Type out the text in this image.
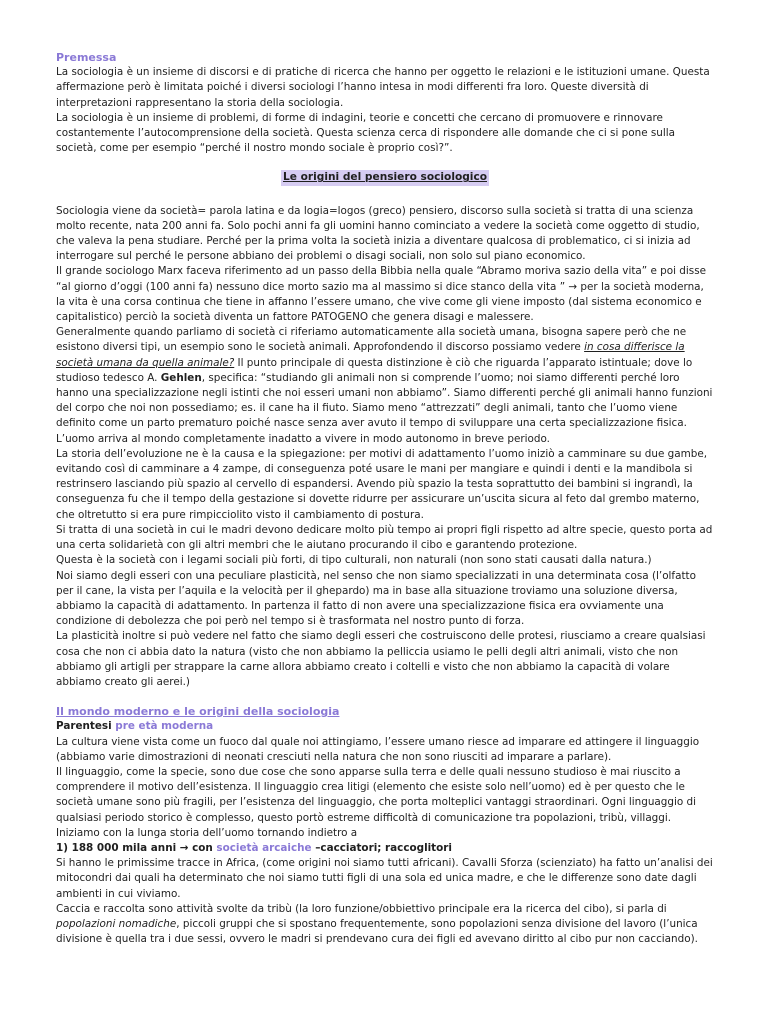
Premessa

La sociologia è un insieme di discorsi e di pratiche di ricerca che hanno per oggetto le relazioni e le istituzioni umane. Questa affermazione però è limitata poiché i diversi sociologi l’hanno intesa in modi differenti fra loro. Queste diversità di interpretazioni rappresentano la storia della sociologia.

La sociologia è un insieme di problemi, di forme di indagini, teorie e concetti che cercano di promuovere e rinnovare costantemente l’autocomprensione della società. Questa scienza cerca di rispondere alle domande che ci si pone sulla società, come per esempio “perché il nostro mondo sociale è proprio così?”.

Le origini del pensiero sociologico

Sociologia viene da società= parola latina e da logia=logos (greco) pensiero, discorso sulla società si tratta di una scienza molto recente, nata 200 anni fa. Solo pochi anni fa gli uomini hanno cominciato a vedere la società come oggetto di studio, che valeva la pena studiare. Perché per la prima volta la società inizia a diventare qualcosa di problematico, ci si inizia ad interrogare sul perché le persone abbiano dei problemi o disagi sociali, non solo sul piano economico.

Il grande sociologo Marx faceva riferimento ad un passo della Bibbia nella quale “Abramo moriva sazio della vita” e poi disse “al giorno d’oggi (100 anni fa) nessuno dice morto sazio ma al massimo si dice stanco della vita ” → per la società moderna, la vita è una corsa continua che tiene in affanno l’essere umano, che vive come gli viene imposto (dal sistema economico e capitalistico) perciò la società diventa un fattore PATOGENO che genera disagi e malessere.

Generalmente quando parliamo di società ci riferiamo automaticamente alla società umana, bisogna sapere però che ne esistono diversi tipi, un esempio sono le società animali. Approfondendo il discorso possiamo vedere in cosa differisce la società umana da quella animale? Il punto principale di questa distinzione è ciò che riguarda l’apparato istintuale; dove lo studioso tedesco A. Gehlen, specifica: “studiando gli animali non si comprende l’uomo; noi siamo differenti perché loro hanno una specializzazione negli istinti che noi esseri umani non abbiamo”. Siamo differenti perché gli animali hanno funzioni del corpo che noi non possediamo; es. il cane ha il fiuto. Siamo meno “attrezzati” degli animali, tanto che l’uomo viene definito come un parto prematuro poiché nasce senza aver avuto il tempo di sviluppare una certa specializzazione fisica. L’uomo arriva al mondo completamente inadatto a vivere in modo autonomo in breve periodo.

La storia dell’evoluzione ne è la causa e la spiegazione: per motivi di adattamento l’uomo iniziò a camminare su due gambe, evitando così di camminare a 4 zampe, di conseguenza poté usare le mani per mangiare e quindi i denti e la mandibola si restrinsero lasciando più spazio al cervello di espandersi. Avendo più spazio la testa soprattutto dei bambini si ingrandì, la conseguenza fu che il tempo della gestazione si dovette ridurre per assicurare un’uscita sicura al feto dal grembo materno, che oltretutto si era pure rimpicciolito visto il cambiamento di postura.

Si tratta di una società in cui le madri devono dedicare molto più tempo ai propri figli rispetto ad altre specie, questo porta ad una certa solidarietà con gli altri membri che le aiutano procurando il cibo e garantendo protezione.

Questa è la società con i legami sociali più forti, di tipo culturali, non naturali (non sono stati causati dalla natura.)

Noi siamo degli esseri con una peculiare plasticità, nel senso che non siamo specializzati in una determinata cosa (l’olfatto per il cane, la vista per l’aquila e la velocità per il ghepardo) ma in base alla situazione troviamo una soluzione diversa, abbiamo la capacità di adattamento. In partenza il fatto di non avere una specializzazione fisica era ovviamente una condizione di debolezza che poi però nel tempo si è trasformata nel nostro punto di forza.

La plasticità inoltre si può vedere nel fatto che siamo degli esseri che costruiscono delle protesi, riusciamo a creare qualsiasi cosa che non ci abbia dato la natura (visto che non abbiamo la pelliccia usiamo le pelli degli altri animali, visto che non abbiamo gli artigli per strappare la carne allora abbiamo creato i coltelli e visto che non abbiamo la capacità di volare abbiamo creato gli aerei.)

Il mondo moderno e le origini della sociologia

Parentesi pre età moderna

La cultura viene vista come un fuoco dal quale noi attingiamo, l’essere umano riesce ad imparare ed attingere il linguaggio (abbiamo varie dimostrazioni di neonati cresciuti nella natura che non sono riusciti ad imparare a parlare).

Il linguaggio, come la specie, sono due cose che sono apparse sulla terra e delle quali nessuno studioso è mai riuscito a comprendere il motivo dell’esistenza. Il linguaggio crea litigi (elemento che esiste solo nell’uomo) ed è per questo che le società umane sono più fragili, per l’esistenza del linguaggio, che porta molteplici vantaggi straordinari. Ogni linguaggio di qualsiasi periodo storico è complesso, questo portò estreme difficoltà di comunicazione tra popolazioni, tribù, villaggi.

Iniziamo con la lunga storia dell’uomo tornando indietro a

1) 188 000 mila anni → con società arcaiche –cacciatori; raccoglitori

Si hanno le primissime tracce in Africa, (come origini noi siamo tutti africani). Cavalli Sforza (scienziato) ha fatto un’analisi dei mitocondri dai quali ha determinato che noi siamo tutti figli di una sola ed unica madre, e che le differenze sono date dagli ambienti in cui viviamo.

Caccia e raccolta sono attività svolte da tribù (la loro funzione/obbiettivo principale era la ricerca del cibo), si parla di popolazioni nomadiche, piccoli gruppi che si spostano frequentemente, sono popolazioni senza divisione del lavoro (l’unica divisione è quella tra i due sessi, ovvero le madri si prendevano cura dei figli ed avevano diritto al cibo pur non cacciando).
